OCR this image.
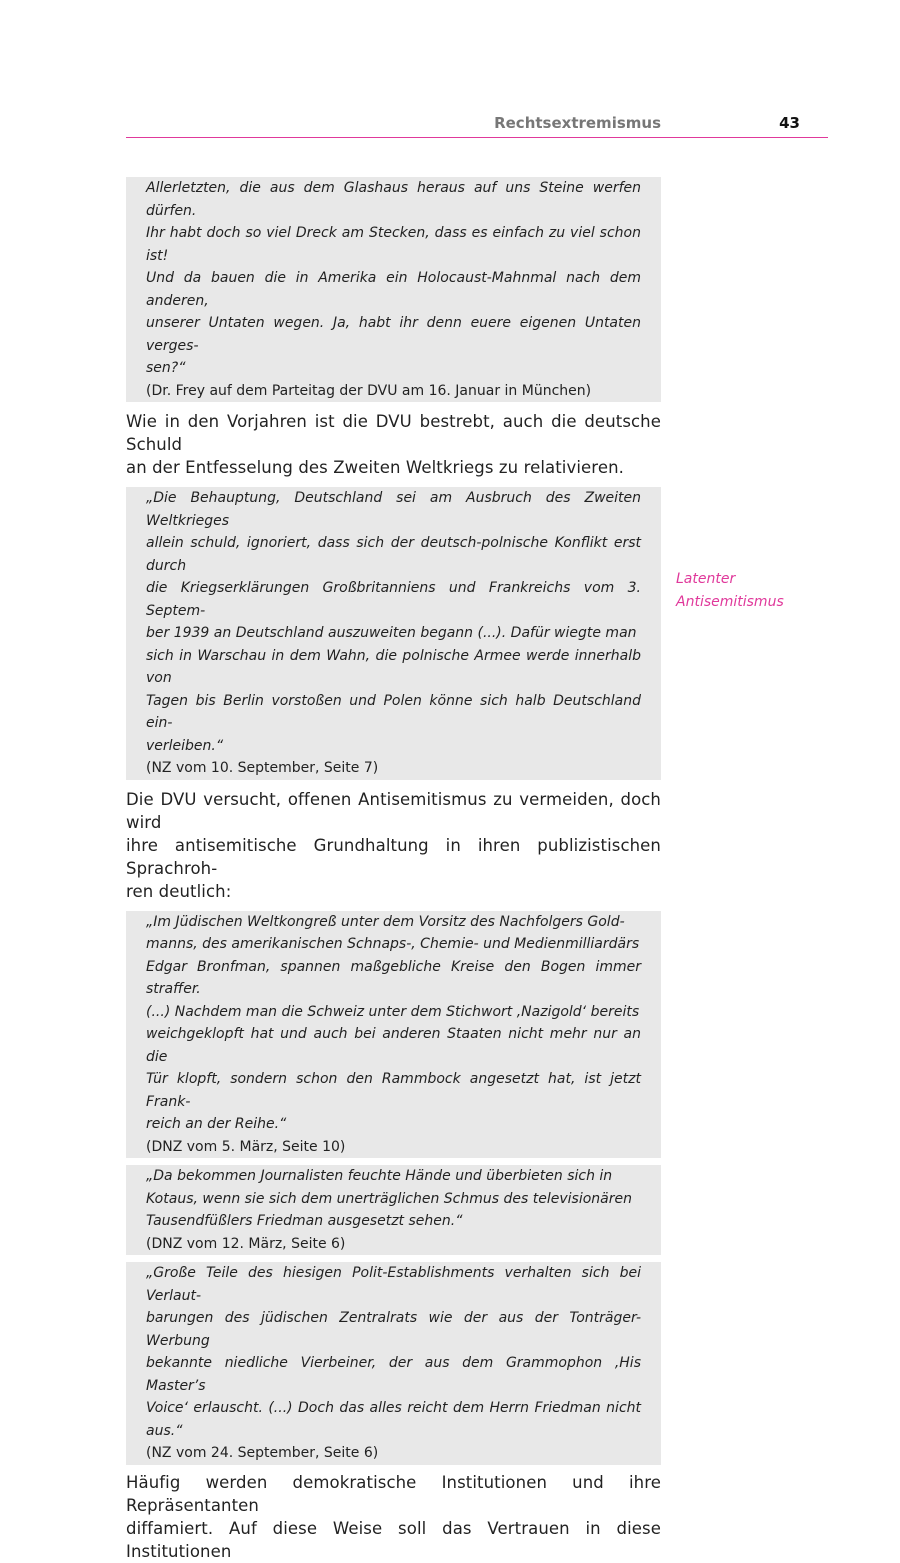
Rechtsextremismus	43
Allerletzten, die aus dem Glashaus heraus auf uns Steine werfen dürfen.
Ihr habt doch so viel Dreck am Stecken, dass es einfach zu viel schon ist!
Und da bauen die in Amerika ein Holocaust-Mahnmal nach dem anderen,
unserer Untaten wegen. Ja, habt ihr denn euere eigenen Untaten verges-
sen?“
(Dr. Frey auf dem Parteitag der DVU am 16. Januar in München)
Wie in den Vorjahren ist die DVU bestrebt, auch die deutsche Schuld
an der Entfesselung des Zweiten Weltkriegs zu relativieren.
„Die Behauptung, Deutschland sei am Ausbruch des Zweiten Weltkrieges
allein schuld, ignoriert, dass sich der deutsch-polnische Konflikt erst durch
die Kriegserklärungen Großbritanniens und Frankreichs vom 3. Septem-
ber 1939 an Deutschland auszuweiten begann (...). Dafür wiegte man
sich in Warschau in dem Wahn, die polnische Armee werde innerhalb von
Tagen bis Berlin vorstoßen und Polen könne sich halb Deutschland ein-
verleiben.“
(NZ vom 10. September, Seite 7)
Die DVU versucht, offenen Antisemitismus zu vermeiden, doch wird
ihre antisemitische Grundhaltung in ihren publizistischen Sprachroh-
ren deutlich:
„Im Jüdischen Weltkongreß unter dem Vorsitz des Nachfolgers Gold-
manns, des amerikanischen Schnaps-, Chemie- und Medienmilliardärs
Edgar Bronfman, spannen maßgebliche Kreise den Bogen immer straffer.
(...) Nachdem man die Schweiz unter dem Stichwort ‚Nazigold‘ bereits
weichgeklopft hat und auch bei anderen Staaten nicht mehr nur an die
Tür klopft, sondern schon den Rammbock angesetzt hat, ist jetzt Frank-
reich an der Reihe.“
(DNZ vom 5. März, Seite 10)
„Da bekommen Journalisten feuchte Hände und überbieten sich in
Kotaus, wenn sie sich dem unerträglichen Schmus des televisionären
Tausendfüßlers Friedman ausgesetzt sehen.“
(DNZ vom 12. März, Seite 6)
„Große Teile des hiesigen Polit-Establishments verhalten sich bei Verlaut-
barungen des jüdischen Zentralrats wie der aus der Tonträger-Werbung
bekannte niedliche Vierbeiner, der aus dem Grammophon ‚His Master’s
Voice‘ erlauscht. (...) Doch das alles reicht dem Herrn Friedman nicht aus.“
(NZ vom 24. September, Seite 6)
Häufig werden demokratische Institutionen und ihre Repräsentanten
diffamiert. Auf diese Weise soll das Vertrauen in diese Institutionen
Latenter
Antisemitismus
